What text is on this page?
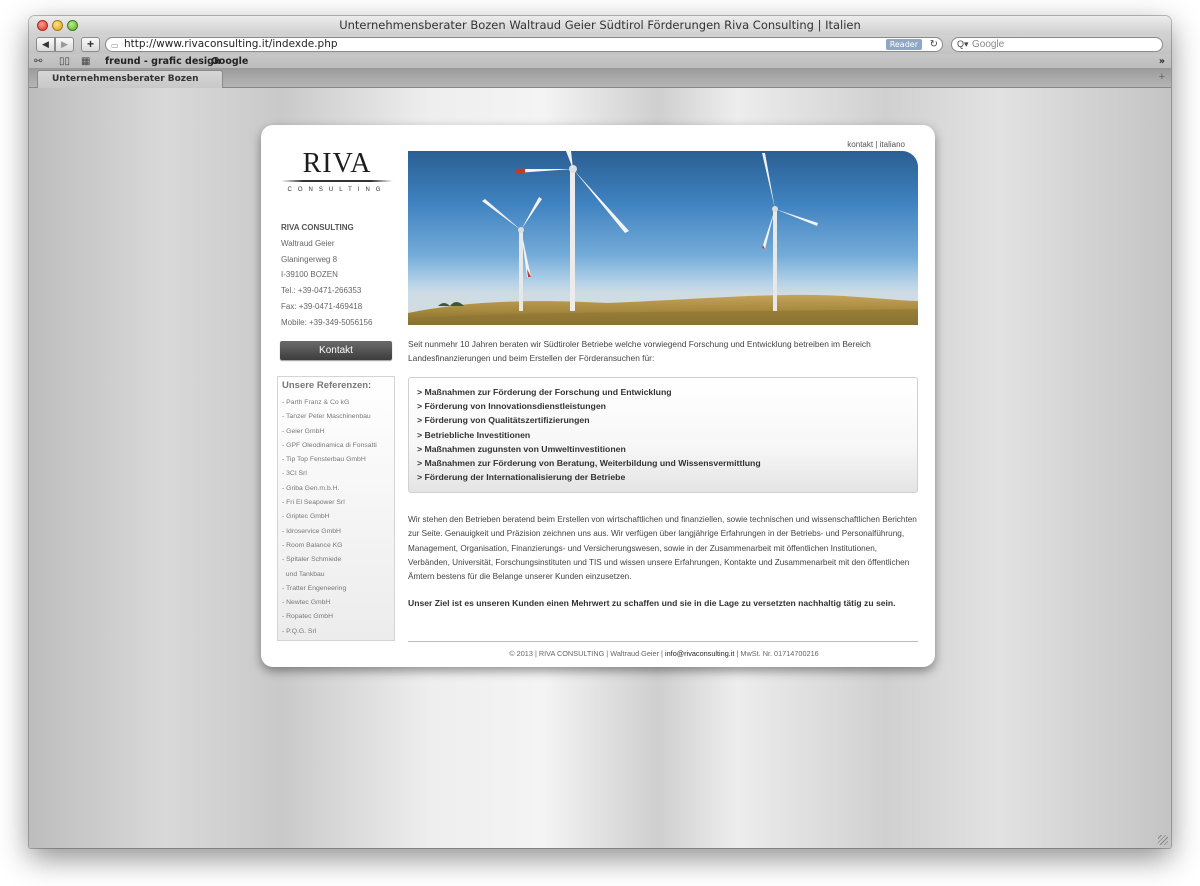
Unternehmensberater Bozen Waltraud Geier Südtirol Förderungen Riva Consulting | Italien
◀	▶	+	▭ http://www.rivaconsulting.it/indexde.php	Reader	↻ Q▾ Google
⚯ ▯▯ ▦ freund - grafic design
Google	»
Unternehmensberater Bozen	+
kontakt | italiano
RIVA
CONSULTING
RIVA CONSULTING
Waltraud Geier
Glaningerweg 8
I-39100 BOZEN
Tel.: +39-0471-266353
Fax: +39-0471-469418
Mobile: +39-349-5056156
Kontakt
Unsere Referenzen:
- Parth Franz & Co kG
- Tanzer Peter Maschinenbau
- Geier GmbH
- GPF Oleodinamica di Fonsatti
- Tip Top Fensterbau GmbH
- 3CI Srl
- Griba Gen.m.b.H.
- Fri El Seapower Srl
- Griptec GmbH
- Idroservice GmbH
- Room Balance KG
- Spitaler Schmiede
und Tankbau
- Tratter Engeneering
- Newtec GmbH
- Ropatec GmbH
- P.Q.G. Srl
Seit nunmehr 10 Jahren beraten wir Südtiroler Betriebe welche vorwiegend Forschung und Entwicklung betreiben im Bereich Landesfinanzierungen und beim Erstellen der Förderansuchen für:
> Maßnahmen zur Förderung der Forschung und Entwicklung
> Förderung von Innovationsdienstleistungen
> Förderung von Qualitätszertifizierungen
> Betriebliche Investitionen
> Maßnahmen zugunsten von Umweltinvestitionen
> Maßnahmen zur Förderung von Beratung, Weiterbildung und Wissensvermittlung
> Förderung der Internationalisierung der Betriebe
Wir stehen den Betrieben beratend beim Erstellen von wirtschaftlichen und finanziellen, sowie technischen und wissenschaftlichen Berichten zur Seite. Genauigkeit und Präzision zeichnen uns aus. Wir verfügen über langjährige Erfahrungen in der Betriebs- und Personalführung, Management, Organisation, Finanzierungs- und Versicherungswesen, sowie in der Zusammenarbeit mit öffentlichen Institutionen, Verbänden, Universität, Forschungsinstituten und TIS und wissen unsere Erfahrungen, Kontakte und Zusammenarbeit mit den öffentlichen Ämtern bestens für die Belange unserer Kunden einzusetzen.
Unser Ziel ist es unseren Kunden einen Mehrwert zu schaffen und sie in die Lage zu versetzten nachhaltig tätig zu sein.
© 2013 | RIVA CONSULTING | Waltraud Geier | info@rivaconsulting.it | MwSt. Nr. 01714700216
